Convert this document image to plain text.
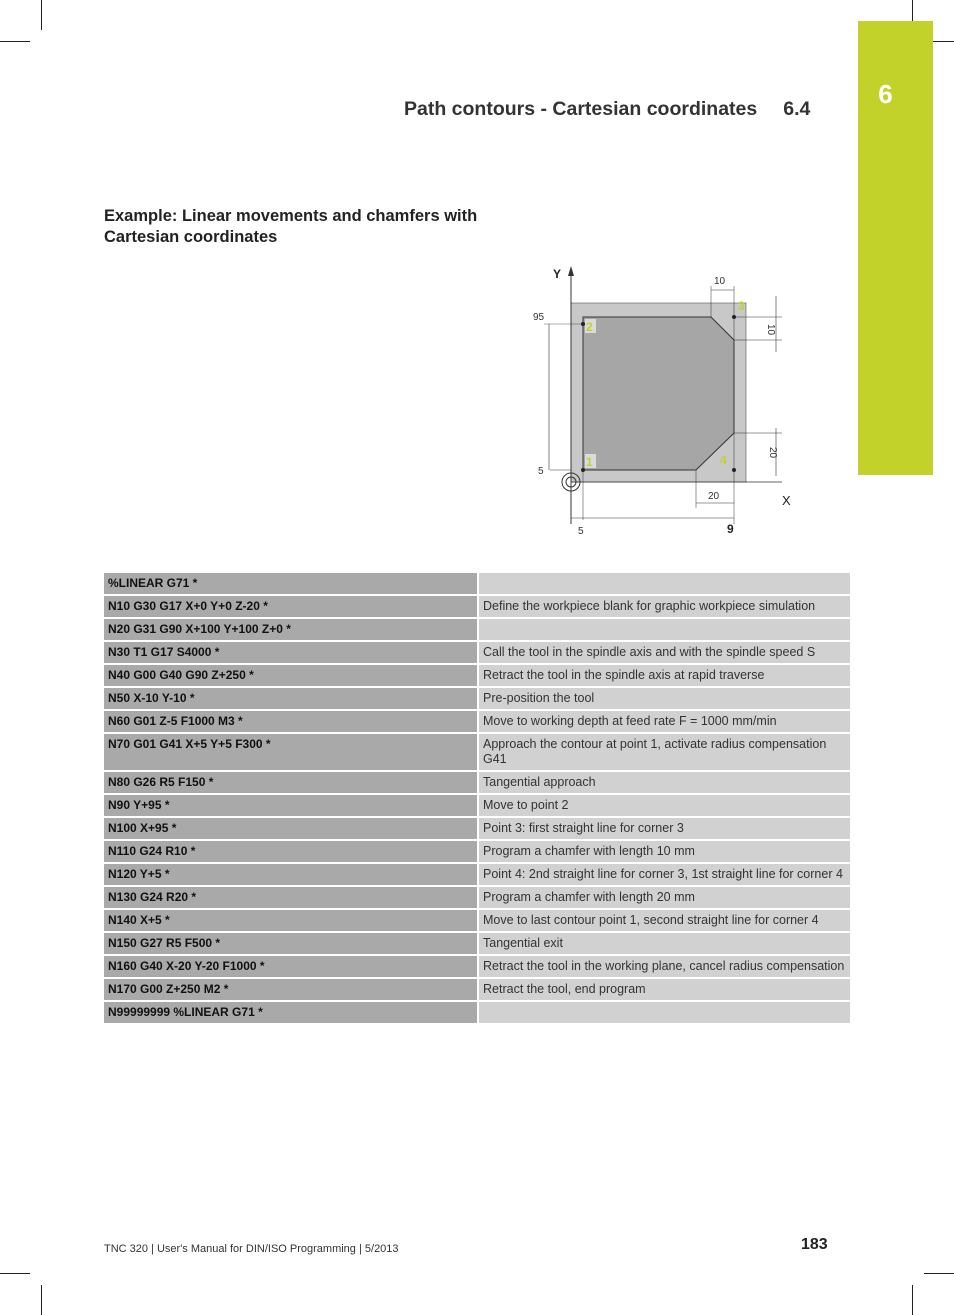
6
Path contours - Cartesian coordinates 6.4
Example: Linear movements and chamfers with Cartesian coordinates
Y
X
95
5
5	9
20
10
10
20
2
3
1	4
%LINEAR G71 *	
N10 G30 G17 X+0 Y+0 Z-20 *	Define the workpiece blank for graphic workpiece simulation
N20 G31 G90 X+100 Y+100 Z+0 *	
N30 T1 G17 S4000 *	Call the tool in the spindle axis and with the spindle speed S
N40 G00 G40 G90 Z+250 *	Retract the tool in the spindle axis at rapid traverse
N50 X-10 Y-10 *	Pre-position the tool
N60 G01 Z-5 F1000 M3 *	Move to working depth at feed rate F = 1000 mm/min
N70 G01 G41 X+5 Y+5 F300 *	Approach the contour at point 1, activate radius compensation G41
N80 G26 R5 F150 *	Tangential approach
N90 Y+95 *	Move to point 2
N100 X+95 *	Point 3: first straight line for corner 3
N110 G24 R10 *	Program a chamfer with length 10 mm
N120 Y+5 *	Point 4: 2nd straight line for corner 3, 1st straight line for corner 4
N130 G24 R20 *	Program a chamfer with length 20 mm
N140 X+5 *	Move to last contour point 1, second straight line for corner 4
N150 G27 R5 F500 *	Tangential exit
N160 G40 X-20 Y-20 F1000 *	Retract the tool in the working plane, cancel radius compensation
N170 G00 Z+250 M2 *	Retract the tool, end program
N99999999 %LINEAR G71 *	
TNC 320 | User's Manual for DIN/ISO Programming | 5/2013	183
